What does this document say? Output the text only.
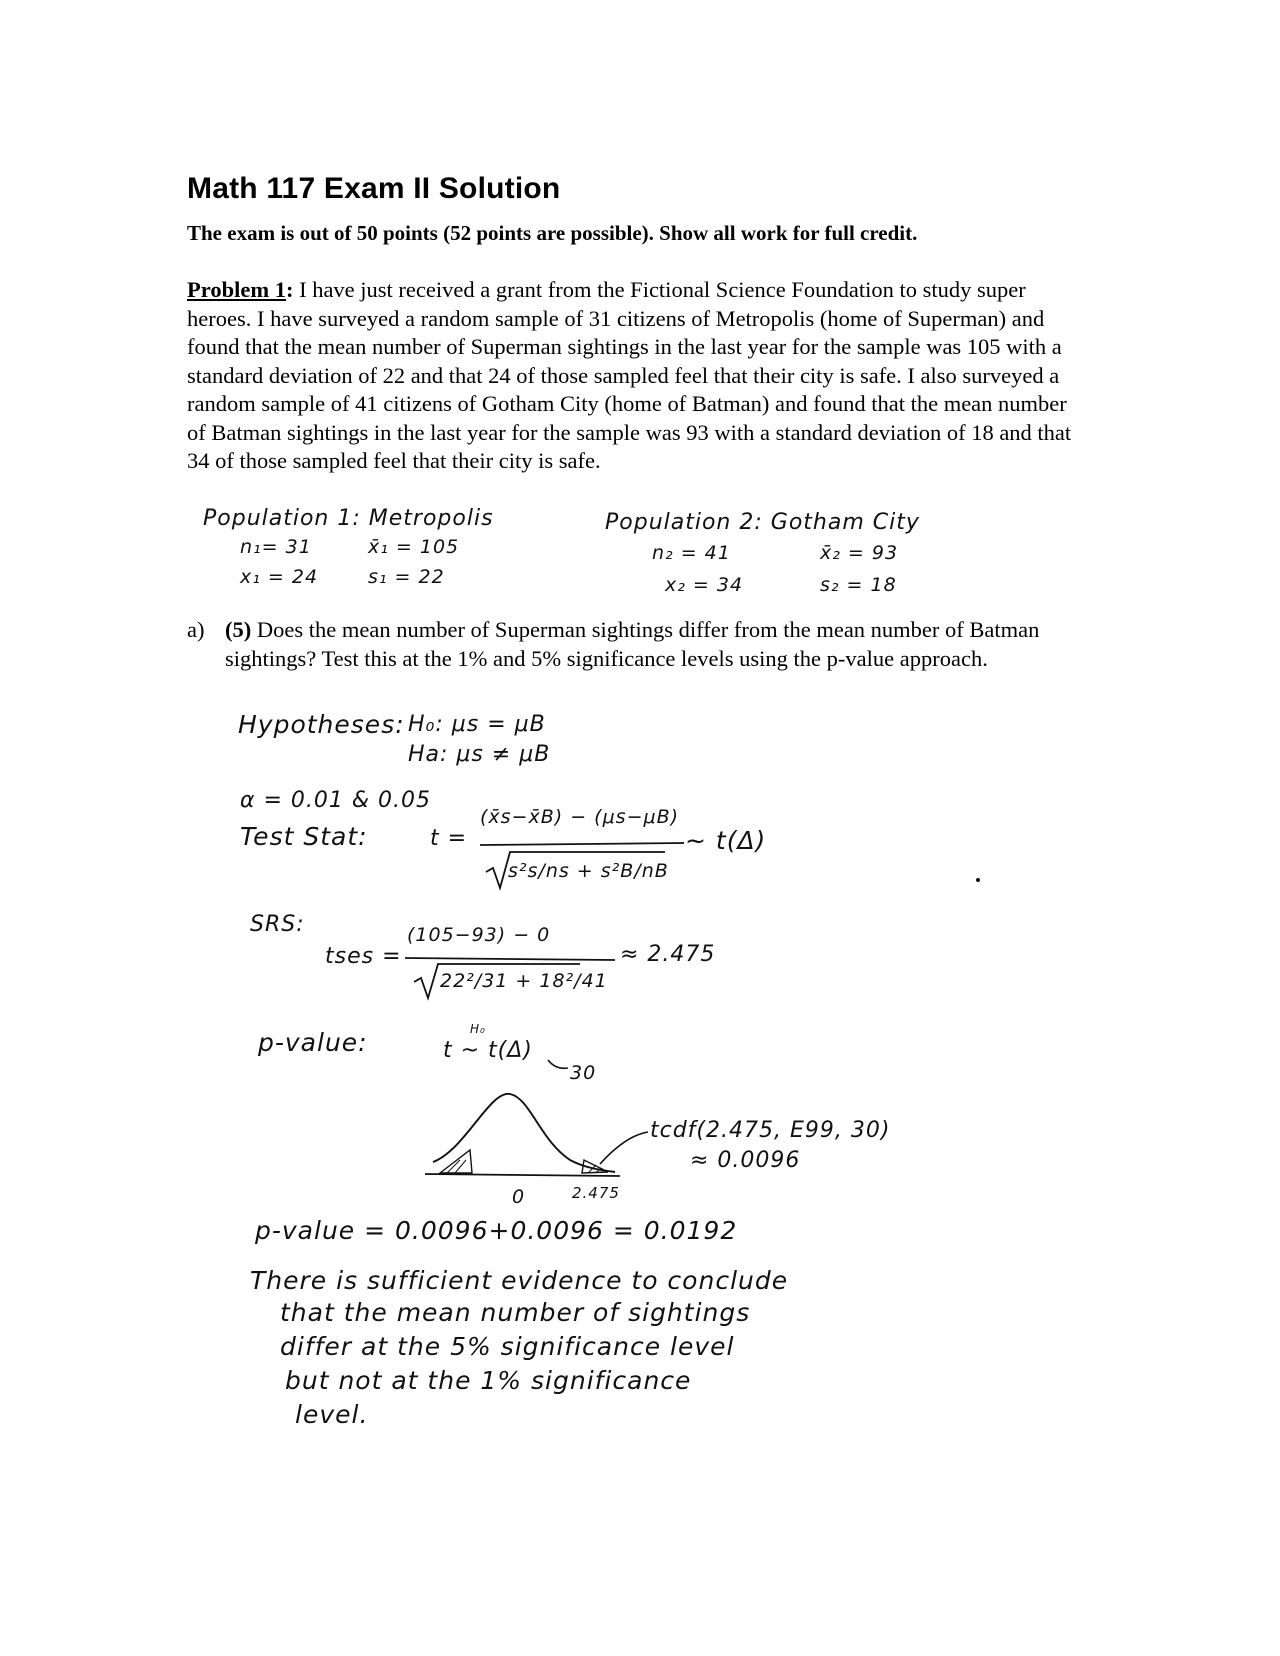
Math 117 Exam II Solution
The exam is out of 50 points (52 points are possible). Show all work for full credit.
Problem 1: I have just received a grant from the Fictional Science Foundation to study super heroes. I have surveyed a random sample of 31 citizens of Metropolis (home of Superman) and found that the mean number of Superman sightings in the last year for the sample was 105 with a standard deviation of 22 and that 24 of those sampled feel that their city is safe. I also surveyed a random sample of 41 citizens of Gotham City (home of Batman) and found that the mean number of Batman sightings in the last year for the sample was 93 with a standard deviation of 18 and that 34 of those sampled feel that their city is safe.
Population 1: Metropolis
n₁= 31	x̄₁ = 105
x₁ = 24	s₁ = 22
Population 2: Gotham City
n₂ = 41	x̄₂ = 93
x₂ = 34	s₂ = 18
a) (5) Does the mean number of Superman sightings differ from the mean number of Batman sightings? Test this at the 1% and 5% significance levels using the p-value approach.
Hypotheses: H₀: μs = μB
Ha: μs ≠ μB
α = 0.01 & 0.05
Test Stat:	t =
(x̄s−x̄B) − (μs−μB)
s²s/ns + s²B/nB
~ t(Δ)
SRS:
tses =
(105−93) − 0
22²/31 + 18²/41
≈ 2.475
p-value:	t ~ t(Δ)
H₀
30
tcdf(2.475, E99, 30)
≈ 0.0096
0	2.475
p-value = 0.0096+0.0096 = 0.0192
There is sufficient evidence to conclude
that the mean number of sightings
differ at the 5% significance level
but not at the 1% significance
level.
